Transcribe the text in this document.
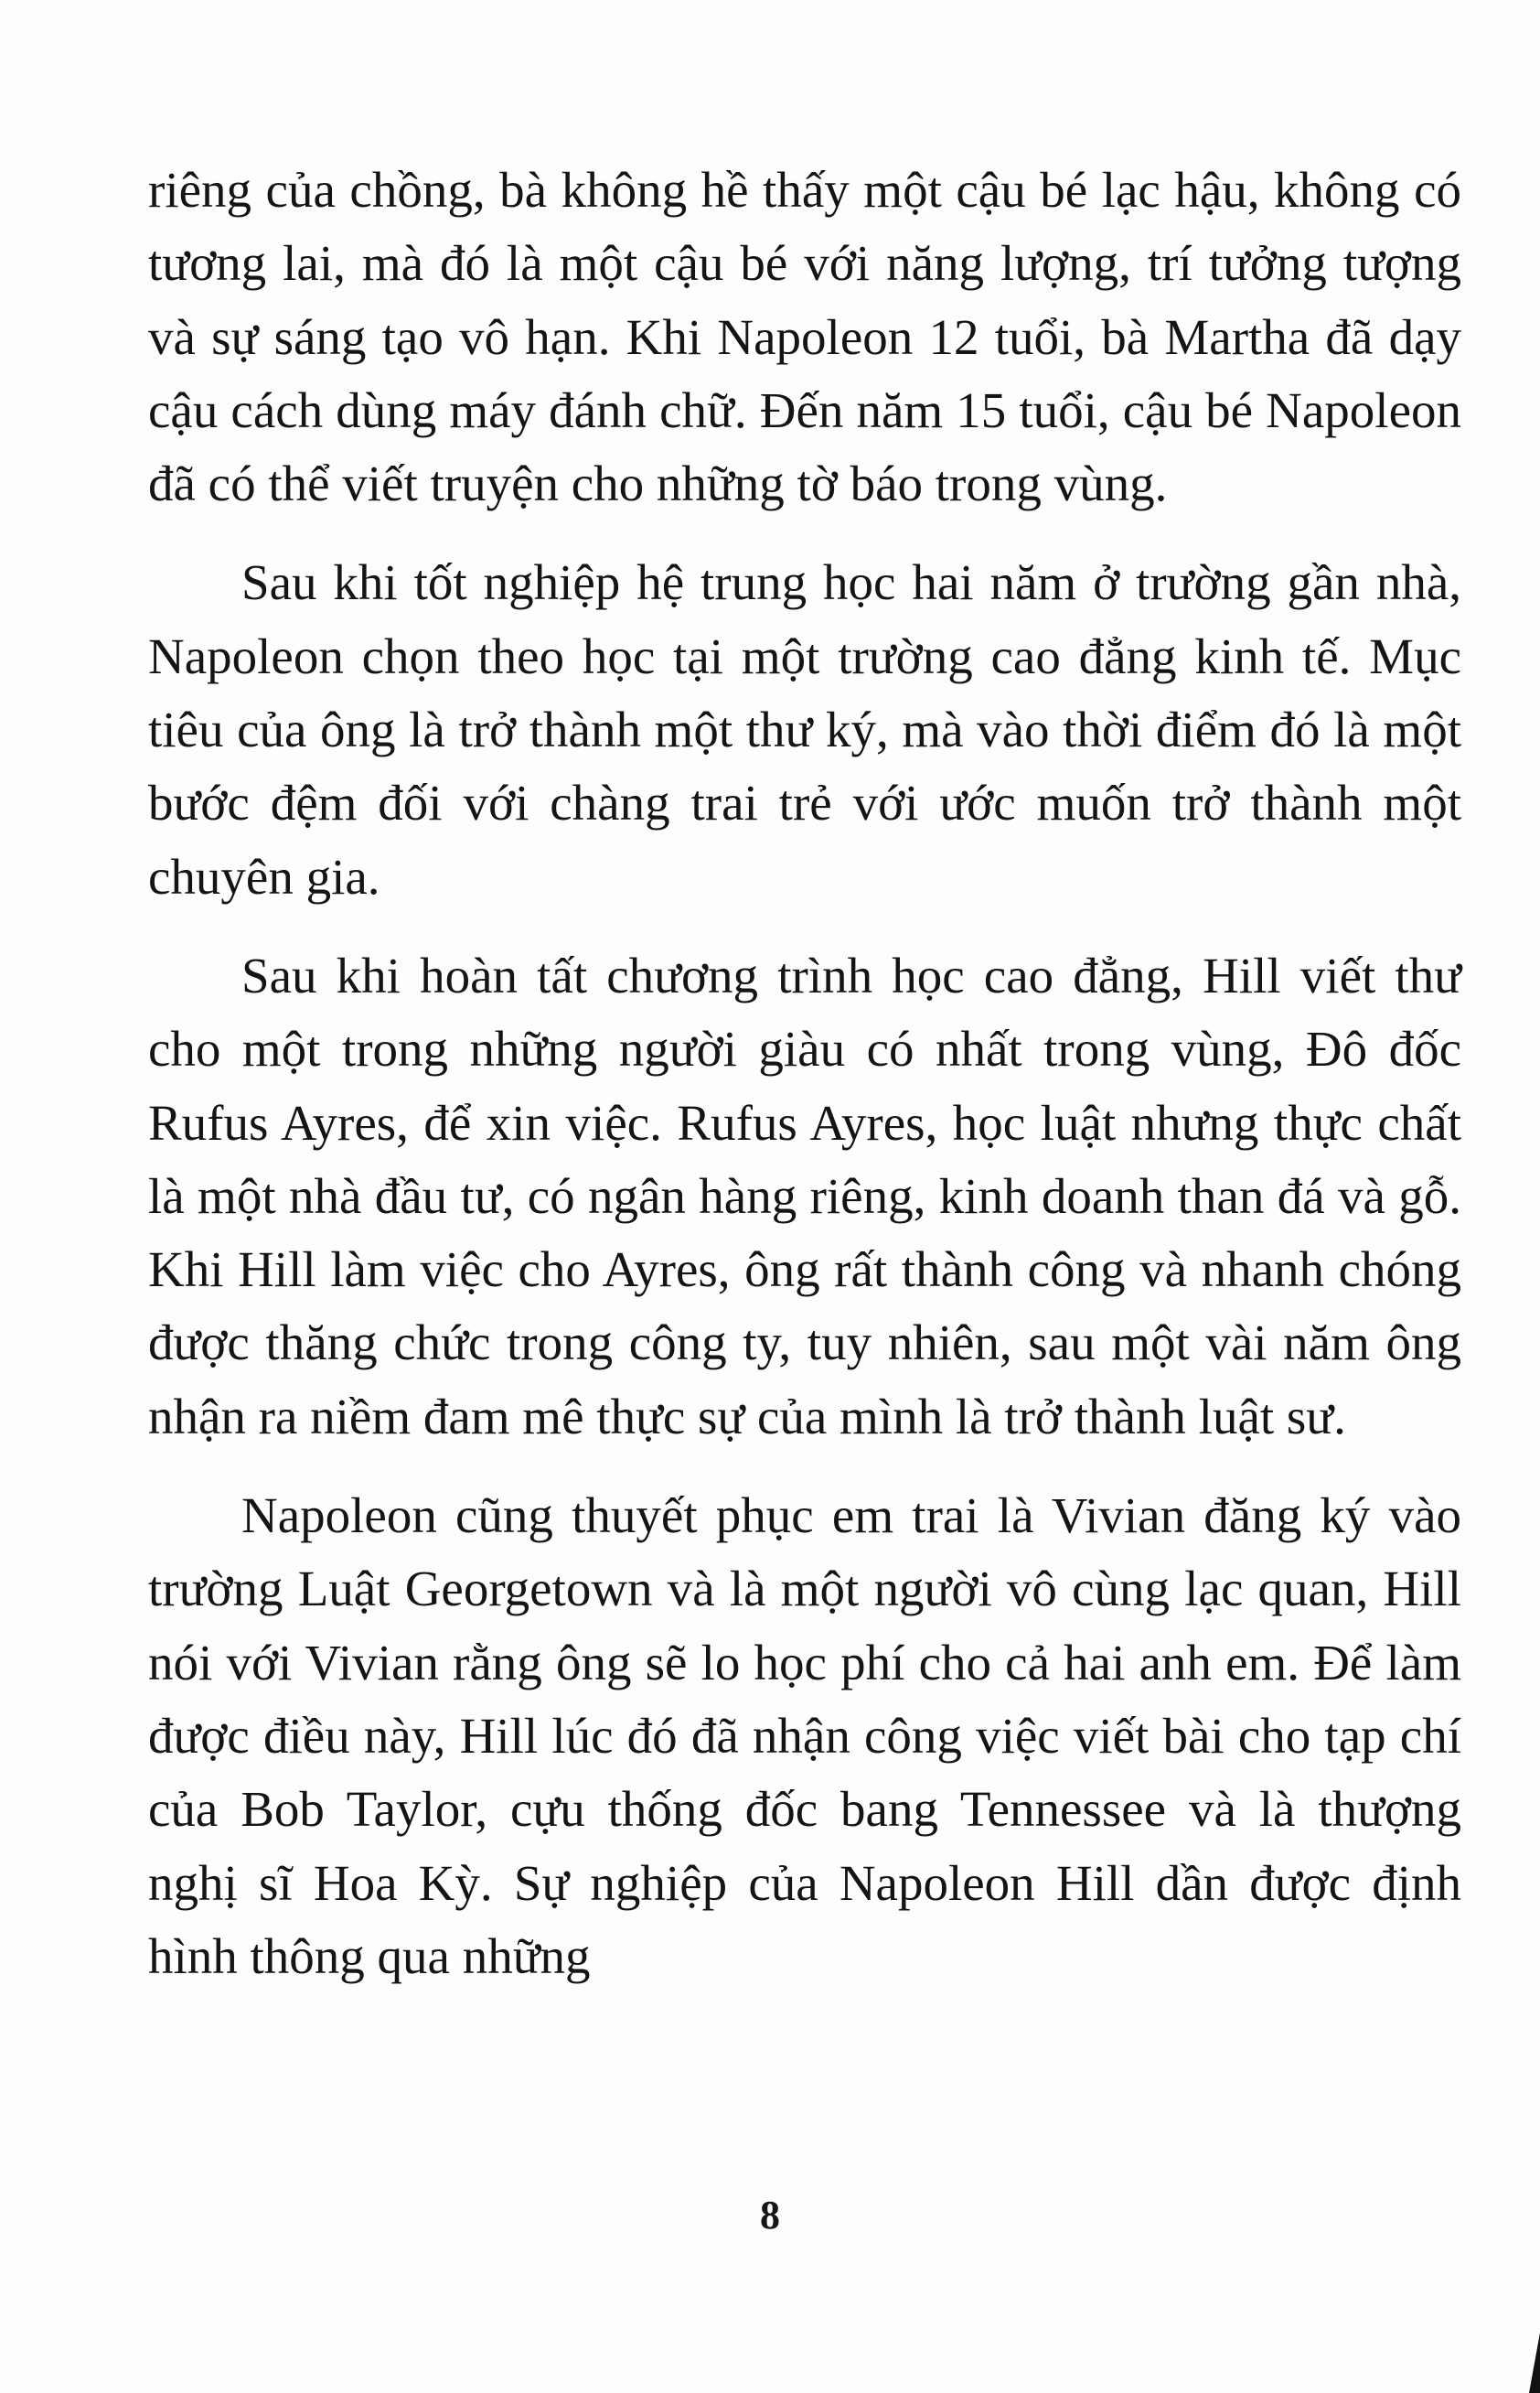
riêng của chồng, bà không hề thấy một cậu bé lạc hậu, không có tương lai, mà đó là một cậu bé với năng lượng, trí tưởng tượng và sự sáng tạo vô hạn. Khi Napoleon 12 tuổi, bà Martha đã dạy cậu cách dùng máy đánh chữ. Đến năm 15 tuổi, cậu bé Napoleon đã có thể viết truyện cho những tờ báo trong vùng.

Sau khi tốt nghiệp hệ trung học hai năm ở trường gần nhà, Napoleon chọn theo học tại một trường cao đẳng kinh tế. Mục tiêu của ông là trở thành một thư ký, mà vào thời điểm đó là một bước đệm đối với chàng trai trẻ với ước muốn trở thành một chuyên gia.

Sau khi hoàn tất chương trình học cao đẳng, Hill viết thư cho một trong những người giàu có nhất trong vùng, Đô đốc Rufus Ayres, để xin việc. Rufus Ayres, học luật nhưng thực chất là một nhà đầu tư, có ngân hàng riêng, kinh doanh than đá và gỗ. Khi Hill làm việc cho Ayres, ông rất thành công và nhanh chóng được thăng chức trong công ty, tuy nhiên, sau một vài năm ông nhận ra niềm đam mê thực sự của mình là trở thành luật sư.

Napoleon cũng thuyết phục em trai là Vivian đăng ký vào trường Luật Georgetown và là một người vô cùng lạc quan, Hill nói với Vivian rằng ông sẽ lo học phí cho cả hai anh em. Để làm được điều này, Hill lúc đó đã nhận công việc viết bài cho tạp chí của Bob Taylor, cựu thống đốc bang Tennessee và là thượng nghị sĩ Hoa Kỳ. Sự nghiệp của Napoleon Hill dần được định hình thông qua những

8
